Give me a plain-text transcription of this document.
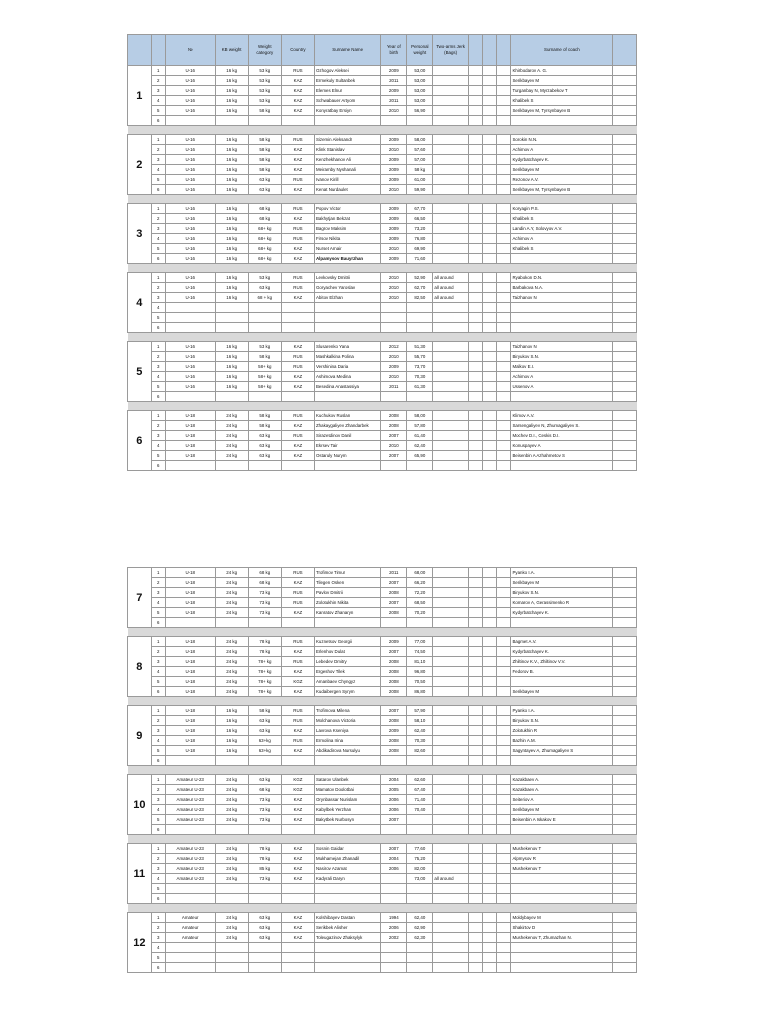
		№	KB weight	Weight category	Country	Surname Name	Year of birth	Personal weight	Two-arms Jerk (Bags)				Surname of coach	
1	1	U-16	16 kg	53 kg	RUS	Ozhogov Aleksei	2009	53,00					Khirbodarov A. G.	
	2	U-16	16 kg	53 kg	KAZ	Ermekuly Sultanbek	2011	53,00					Serikbayev M	
	3	U-16	16 kg	53 kg	KAZ	Elemes Elnur	2009	53,00					Turganbay N, Myrzabekov T	
	4	U-16	16 kg	53 kg	KAZ	Schwabauer Artyom	2011	53,00					Khalibek S	
	5	U-16	16 kg	58 kg	KAZ	Konyratbay Ersiyn	2010	56,90					Serikbayev M, Tyrsynbayev B	
	6													

2	1	U-16	16 kg	58 kg	RUS	Sizemin Aleksandr	2009	58,00					Sorokin N.N.	
	2	U-16	16 kg	58 kg	KAZ	Klink Stanislav	2010	57,60					Achimov A	
	3	U-16	16 kg	58 kg	KAZ	Kenzhekhanov Ali	2009	57,00					Kydyrbatchayev K.	
	4	U-16	16 kg	58 kg	KAZ	Meiramby Nyshanali	2009	58 kg					Serikbayev M	
	5	U-16	16 kg	63 kg	RUS	Ivanov Kirill	2009	61,00					Rezonov A.V.	
	6	U-16	16 kg	63 kg	KAZ	Kenat Nurdaulet	2010	59,90					Serikbayev M, Tyrsynbayev B	

3	1	U-16	16 kg	68 kg	RUS	Popov Victor	2009	67,70					Koryagin P.S.	
	2	U-16	16 kg	68 kg	KAZ	Bakhytjan Bekzat	2009	66,50					Khalibek S	
	3	U-16	16 kg	68+ kg	RUS	Bagrov Maksim	2009	73,20					Landin A.Y, Solovyov A.V.	
	4	U-16	16 kg	68+ kg	RUS	Firsov Nikita	2009	76,80					Achimov A	
	5	U-16	16 kg	68+ kg	KAZ	Nurset Arnair	2010	69,90					Khalibek S	
	6	U-16	16 kg	68+ kg	KAZ	Alpamysov Bauyrzhan	2009	71,60						

4	1	U-16	16 kg	53 kg	RUS	Levkovsky Dmitrii	2010	52,90	all around				Ryabokon D.N.	
	2	U-16	16 kg	63 kg	RUS	Goryachev Yaroslav	2010	62,70	all around				Barbakova N.A.	
	3	U-16	16 kg	68 + kg	KAZ	Abitov Elzhan	2010	82,50	all around				Taizhanov N	
	4													
	5													
	6													

5	1	U-16	16 kg	53 kg	KAZ	Slusarenko Yana	2012	51,30					Taizhanov N	
	2	U-16	16 kg	58 kg	RUS	Mashkalkina Polina	2010	55,70					Biryukov S.N.	
	3	U-16	16 kg	58+ kg	RUS	Vershinina Daria	2009	73,70					Malkov E.I.	
	4	U-16	16 kg	58+ kg	KAZ	Ashimova Medina	2010	70,30					Achimov A	
	5	U-16	16 kg	58+ kg	KAZ	Besedina Anastassiya	2011	61,30					Ussenov A	
	6													

6	1	U-18	24 kg	58 kg	RUS	Kuchukov Ruslan	2008	58,00					Klimov A.V.	
	2	U-18	24 kg	58 kg	KAZ	Zhakaygaliyev Zhandarbek	2008	57,80					Sarsengaliyev N, Zhumagaliyev S.	
	3	U-18	24 kg	63 kg	RUS	Sirazetdinov Danil	2007	61,40					Mochev D.I., Ceskis D.I.	
	4	U-18	24 kg	63 kg	KAZ	Ekrsev Tair	2010	62,40					Konuspayev A	
	5	U-18	24 kg	63 kg	KAZ	Ostaruly Nurym	2007	65,90					Beisenbin A Azhahmetov S	
	6													
7	1	U-18	24 kg	68 kg	RUS	Trofimov Timur	2011	68,00					Pyanko I.A.	
	2	U-18	24 kg	68 kg	KAZ	Tilegen Osken	2007	66,20					Serikbayev M	
	3	U-18	24 kg	73 kg	RUS	Pavlov Dmitrii	2008	72,20					Biryukov S.N.	
	4	U-18	24 kg	73 kg	RUS	Zolotukhin Nikita	2007	68,50					Komarov A, Gerassimenko R	
	5	U-18	24 kg	73 kg	KAZ	Kanratov Zhanaryn	2008	70,20					Kydyrbatchayev K.	
	6													

8	1	U-18	24 kg	78 kg	RUS	Kuznetsov Georgii	2009	77,00					Bagmet A.V.	
	2	U-18	24 kg	78 kg	KAZ	Erlenhov Dulat	2007	74,50					Kydyrbatchayev K.	
	3	U-18	24 kg	78+ kg	RUS	Lebedev Dmitry	2008	81,10					Zhiltinov K.V., Zhiltinov V.V.	
	4	U-18	24 kg	78+ kg	KAZ	Ergeshov Tilek	2008	96,80					Fedorov B.	
	5	U-18	24 kg	78+ kg	KGZ	Amanbaev Chyngyz	2008	70,50						
	6	U-18	24 kg	78+ kg	KAZ	Kudaibergen Syrym	2008	86,80					Serikbayev M	

9	1	U-18	16 kg	58 kg	RUS	Trofimova Milena	2007	57,90					Pyanko I.A.	
	2	U-18	16 kg	63 kg	RUS	Molchanova Victoria	2008	58,10					Biryukov S.N.	
	3	U-18	16 kg	63 kg	KAZ	Lavrova Kseniya	2009	62,40					Zolotukhin R	
	4	U-18	16 kg	63+kg	RUS	Ermolina Irina	2008	70,30					Bazhin A.M.	
	5	U-18	16 kg	63+kg	KAZ	Abdikadirova Nursulyu	2008	82,60					Sagyntayev A, Zhumagaliyev S	
	6													

10	1	Amateur U-23	24 kg	63 kg	KGZ	Satarov Ulanbek	2004	62,60					Kazakbaev A.	
	2	Amateur U-23	24 kg	68 kg	KGZ	Mamatov Doolotbai	2005	67,40					Kazakbaev A.	
	3	Amateur U-23	24 kg	73 kg	KAZ	Orynbassar Nurislam	2006	71,40					Seiteriov A	
	4	Amateur U-23	24 kg	73 kg	KAZ	Kabylbek Yerzhan	2006	70,40					Serikbayev M	
	5	Amateur U-23	24 kg	73 kg	KAZ	Bakytbek Nurbosyn	2007						Beisenbin A Iskakov E	
	6													

11	1	Amateur U-23	24 kg	78 kg	KAZ	Sosnin Gaidar	2007	77,60					Mushekenov T	
	2	Amateur U-23	24 kg	78 kg	KAZ	Mukhamejan Zhanadil	2004	75,20					Alpmysov R	
	3	Amateur U-23	24 kg	85 kg	KAZ	Nasirov Azamat	2006	82,00					Mushekenov T	
	4	Amateur U-23	24 kg	73 kg	KAZ	Kadyrali Daryn		73,00	all around					
	5													
	6													

12	1	Amateur	24 kg	63 kg	KAZ	Kolshibayev Dastan	1994	62,40					Moldybayev M	
	2	Amateur	24 kg	63 kg	KAZ	Serikbek Alisher	2006	62,90					Shakirtov D	
	3	Amateur	24 kg	63 kg	KAZ	Toleugazinov Zhaksylyk	2002	62,30					Mushekenov T, Zhumazhan N.	
	4													
	5													
	6													
